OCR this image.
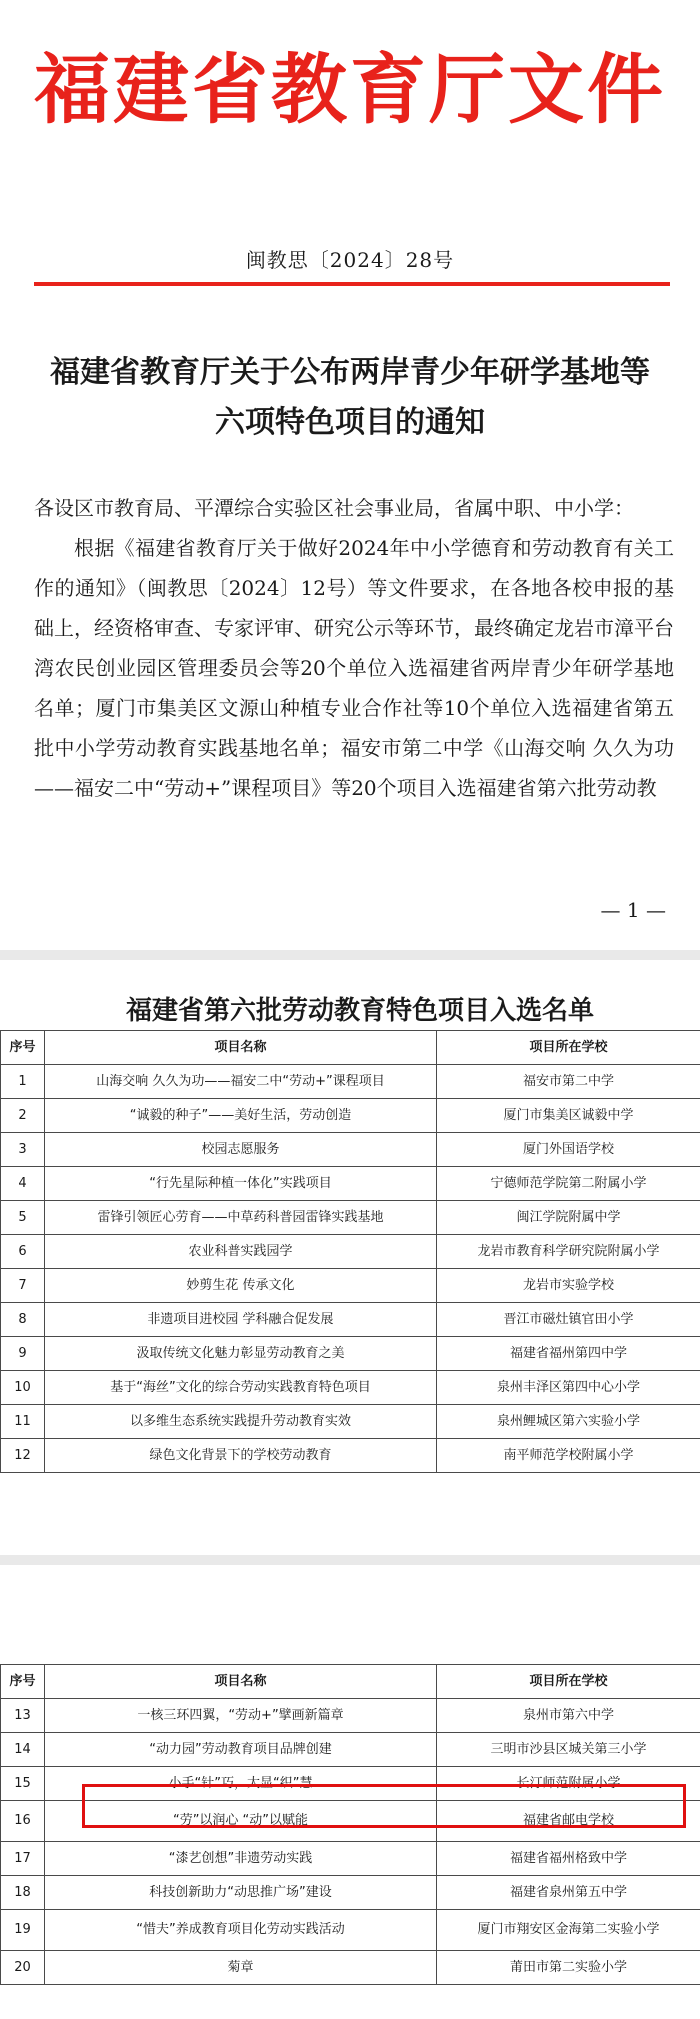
福建省教育厅文件
闽教思〔2024〕28号
福建省教育厅关于公布两岸青少年研学基地等
六项特色项目的通知
各设区市教育局、平潭综合实验区社会事业局，省属中职、中小学：
根据《福建省教育厅关于做好2024年中小学德育和劳动教育有关工作的通知》（闽教思〔2024〕12号）等文件要求，在各地各校申报的基础上，经资格审查、专家评审、研究公示等环节，最终确定龙岩市漳平台湾农民创业园区管理委员会等20个单位入选福建省两岸青少年研学基地名单；厦门市集美区文源山种植专业合作社等10个单位入选福建省第五批中小学劳动教育实践基地名单；福安市第二中学《山海交响 久久为功——福安二中“劳动+”课程项目》等20个项目入选福建省第六批劳动教
— 1 —
福建省第六批劳动教育特色项目入选名单
序号	项目名称	项目所在学校
1	山海交响 久久为功——福安二中“劳动+”课程项目	福安市第二中学
2	“诚毅的种子”——美好生活，劳动创造	厦门市集美区诚毅中学
3	校园志愿服务	厦门外国语学校
4	“行先星际种植一体化”实践项目	宁德师范学院第二附属小学
5	雷锋引领匠心劳育——中草药科普园雷锋实践基地	闽江学院附属中学
6	农业科普实践园学	龙岩市教育科学研究院附属小学
7	妙剪生花 传承文化	龙岩市实验学校
8	非遗项目进校园 学科融合促发展	晋江市磁灶镇官田小学
9	汲取传统文化魅力彰显劳动教育之美	福建省福州第四中学
10	基于“海丝”文化的综合劳动实践教育特色项目	泉州丰泽区第四中心小学
11	以多维生态系统实践提升劳动教育实效	泉州鲤城区第六实验小学
12	绿色文化背景下的学校劳动教育	南平师范学校附属小学
序号	项目名称	项目所在学校
13	一核三环四翼，“劳动+”擘画新篇章	泉州市第六中学
14	“动力园”劳动教育项目品牌创建	三明市沙县区城关第三小学
15	小手“针”巧，大显“织”慧	长汀师范附属小学
16	“劳”以润心 “动”以赋能	福建省邮电学校
17	“漆艺创想”非遗劳动实践	福建省福州格致中学
18	科技创新助力“动思推广场”建设	福建省泉州第五中学
19	“惜夫”养成教育项目化劳动实践活动	厦门市翔安区金海第二实验小学
20	菊章	莆田市第二实验小学
